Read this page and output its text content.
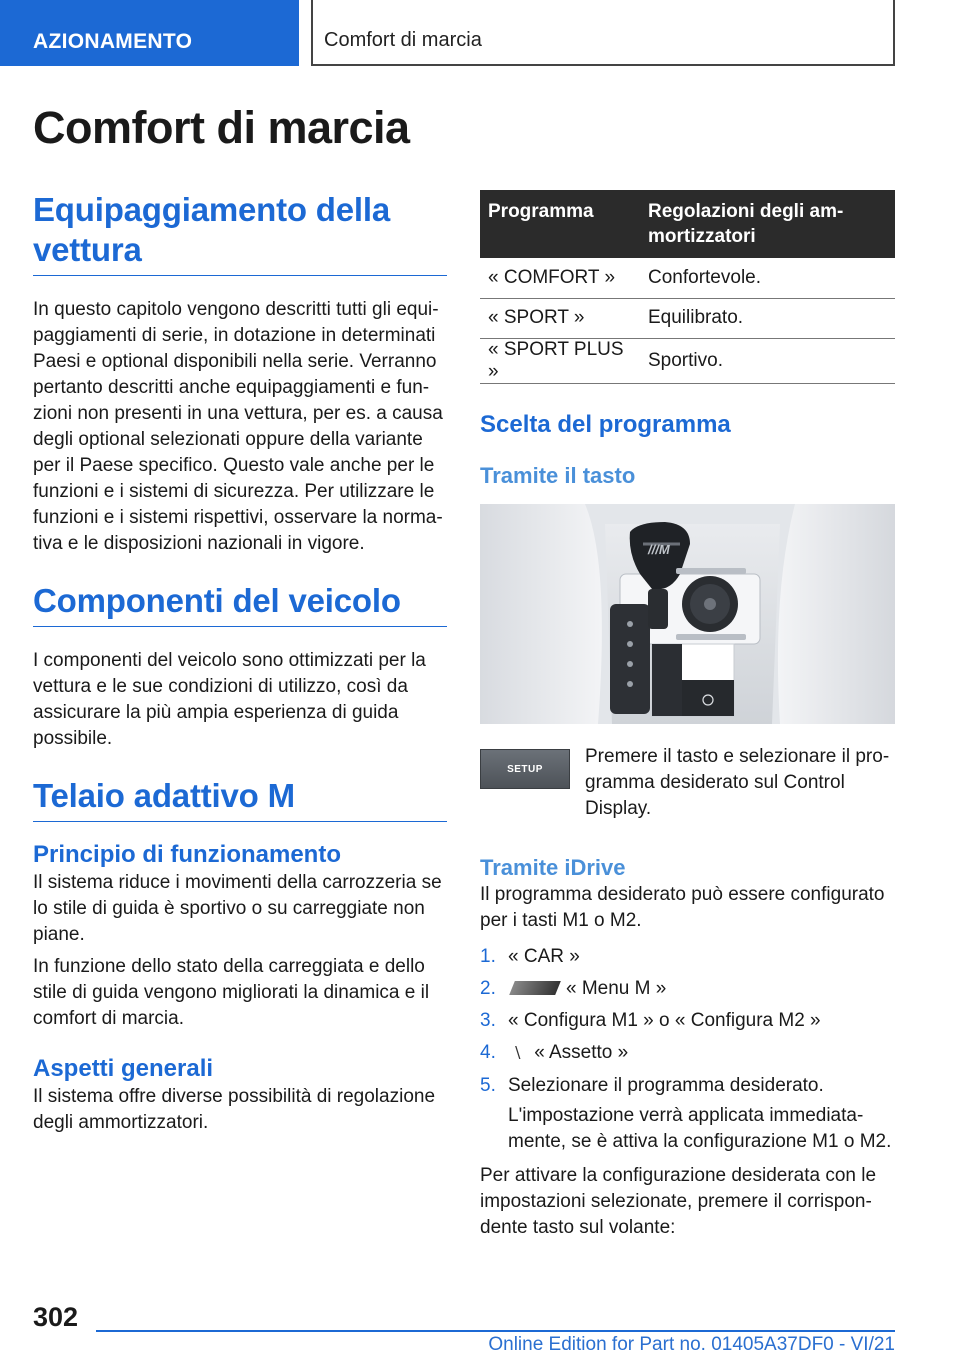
AZIONAMENTO	Comfort di marcia
Comfort di marcia
Equipaggiamento della vettura

In questo capitolo vengono descritti tutti gli equipaggiamenti di serie, in dotazione in determinati Paesi e optional disponibili nella serie. Verranno pertanto descritti anche equipaggiamenti e funzioni non presenti in una vettura, per es. a causa degli optional selezionati oppure della variante per il Paese specifico. Questo vale anche per le funzioni e i sistemi di sicurezza. Per utilizzare le funzioni e i sistemi rispettivi, osservare la normativa e le disposizioni nazionali in vigore.

Componenti del veicolo

I componenti del veicolo sono ottimizzati per la vettura e le sue condizioni di utilizzo, così da assicurare la più ampia esperienza di guida possibile.

Telaio adattivo M
Principio di funzionamento

Il sistema riduce i movimenti della carrozzeria se lo stile di guida è sportivo o su carreggiate non piane.

In funzione dello stato della carreggiata e dello stile di guida vengono migliorati la dinamica e il comfort di marcia.

Aspetti generali

Il sistema offre diverse possibilità di regolazione degli ammortizzatori.

Programma	Regolazioni degli ammortizzatori
« COMFORT »	Confortevole.
« SPORT »	Equilibrato.
« SPORT PLUS »	Sportivo.
Scelta del programma
Tramite il tasto
///M
SETUP

Premere il tasto e selezionare il programma desiderato sul Control Display.

Tramite iDrive

Il programma desiderato può essere configurato per i tasti M1 o M2.

1. « CAR »
2.	« Menu M »
3. « Configura M1 » o « Configura M2 »
4.	∖ « Assetto »
5. Selezionare il programma desiderato.

L'impostazione verrà applicata immediatamente, se è attiva la configurazione M1 o M2.

Per attivare la configurazione desiderata con le impostazioni selezionate, premere il corrispondente tasto sul volante:

302
Online Edition for Part no. 01405A37DF0 - VI/21
